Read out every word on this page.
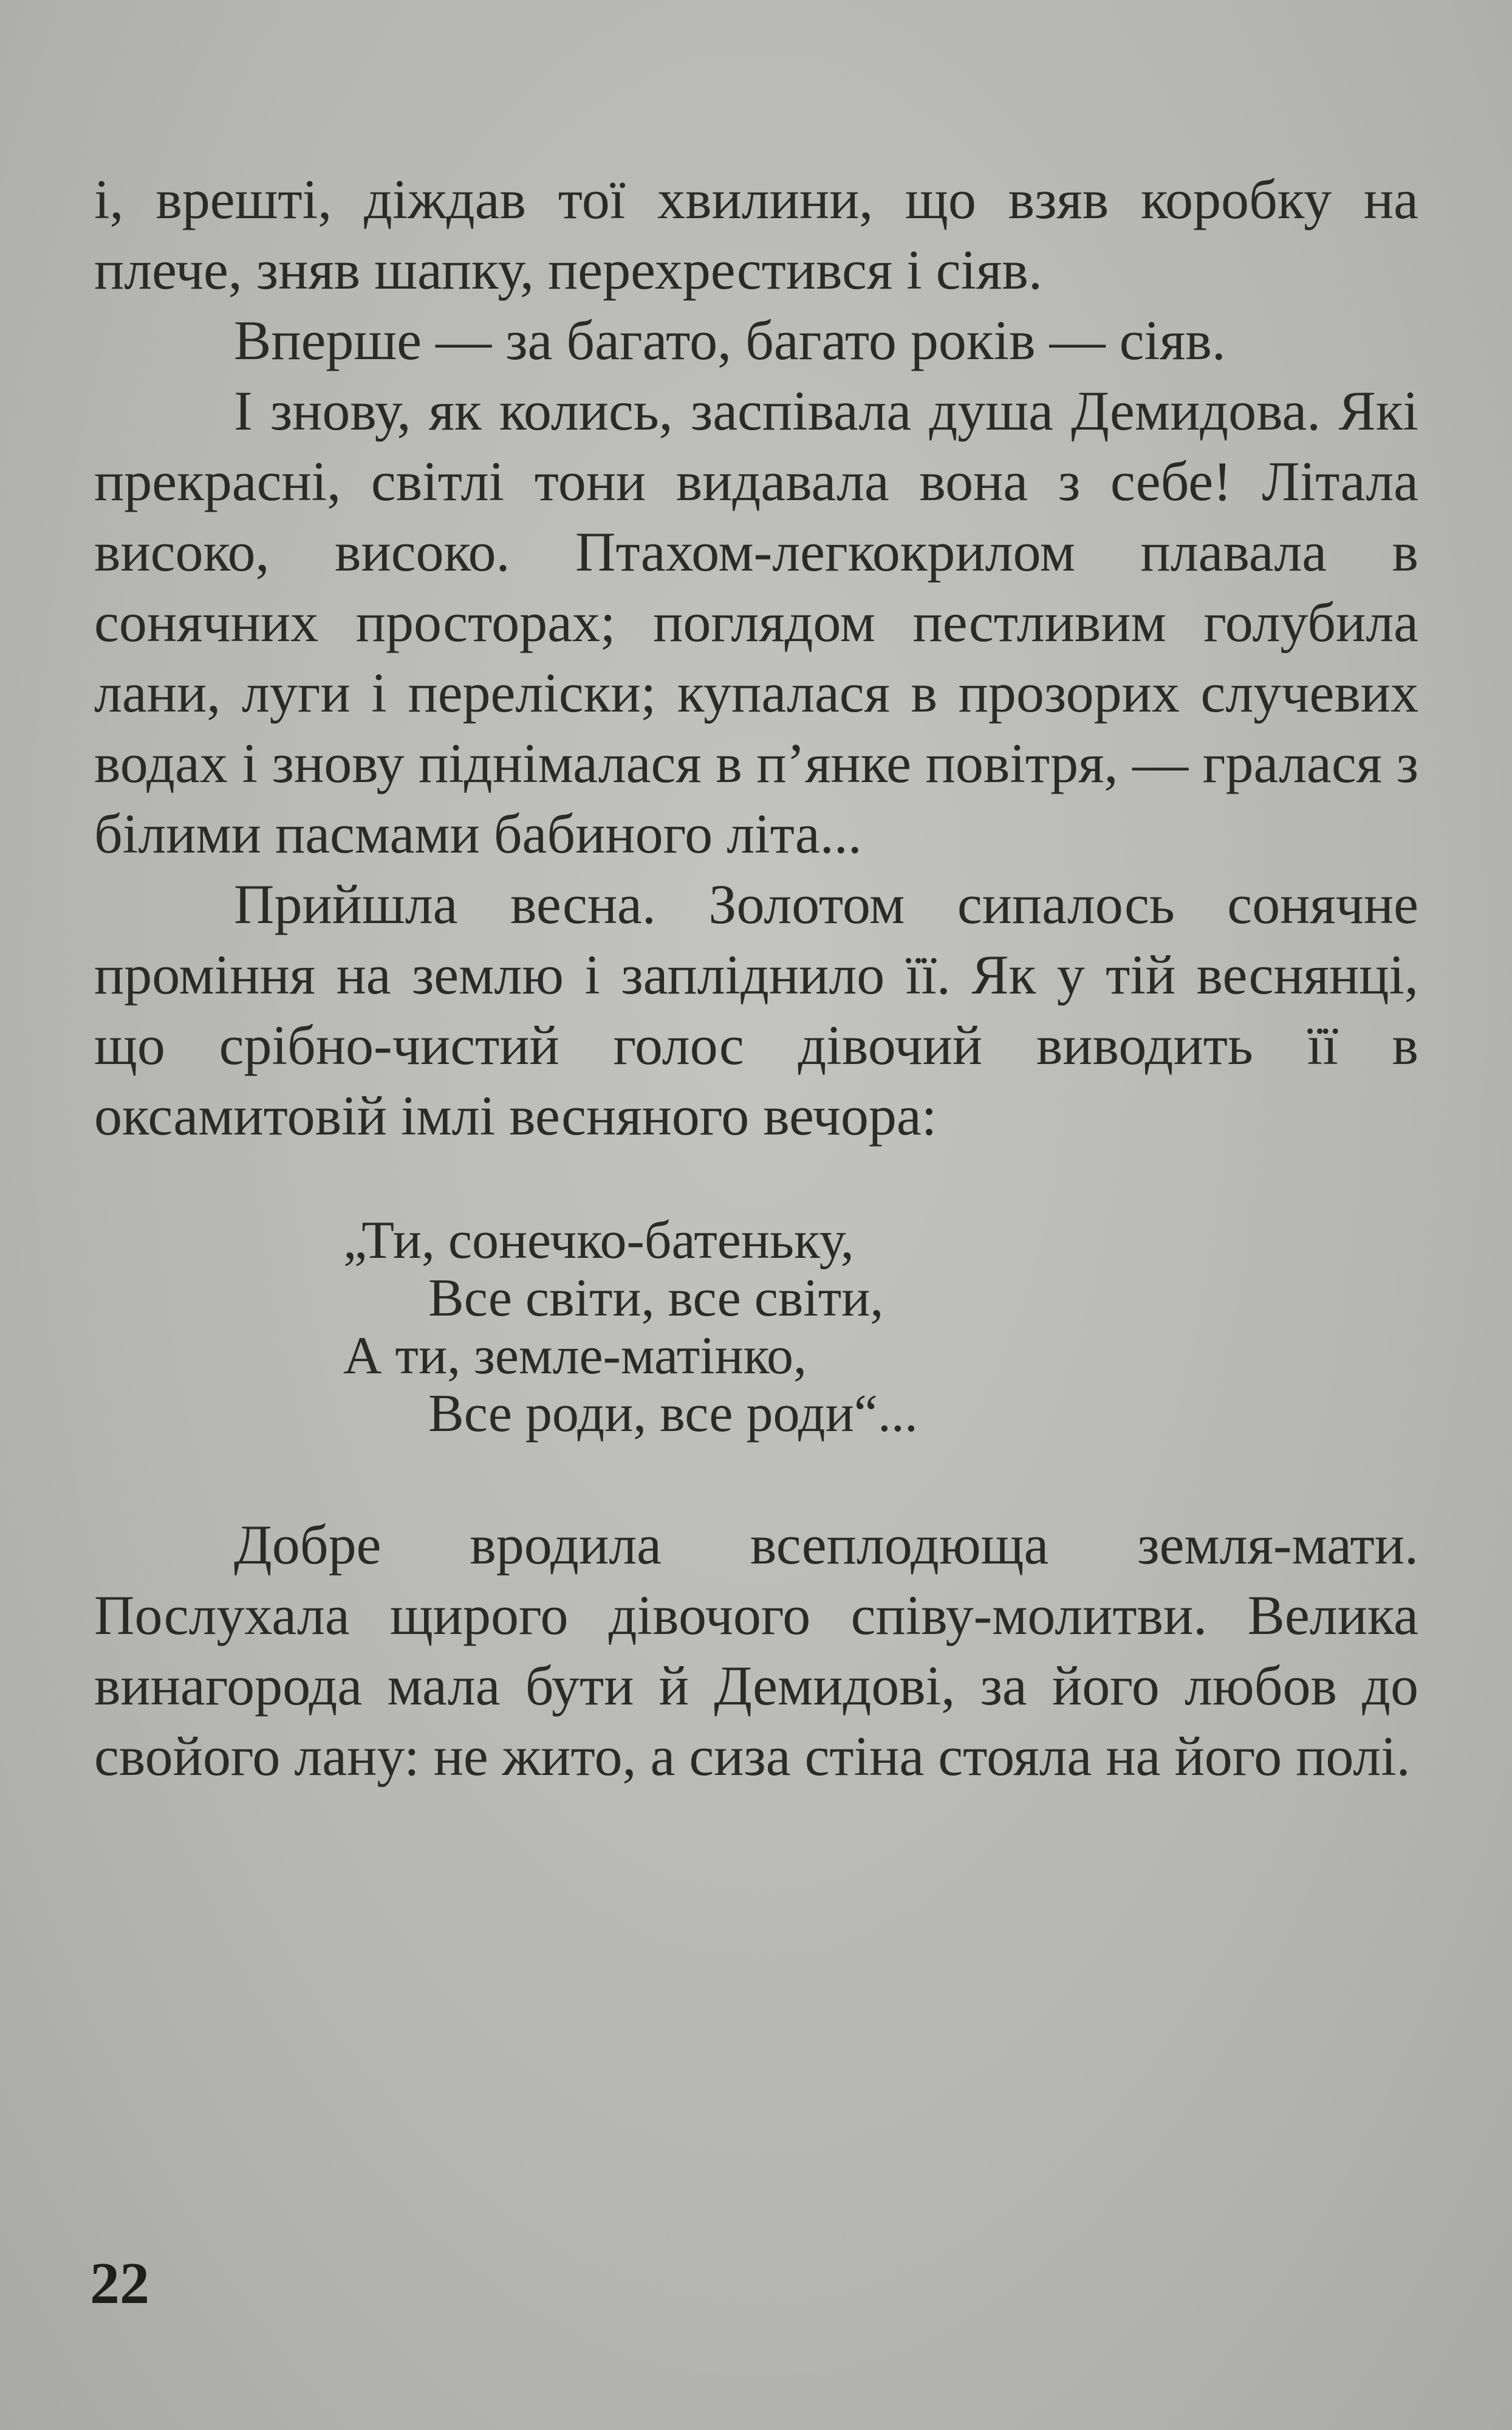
і, врешті, діждав тої хвилини, що взяв коробку на плече, зняв шапку, перехрестився і сіяв.

Вперше — за багато, багато років — сіяв.

І знову, як колись, заспівала душа Демидова. Які прекрасні, світлі тони видавала вона з себе! Літала високо, високо. Птахом-легкокрилом плавала в сонячних просторах; поглядом пестливим голубила лани, луги і переліски; купалася в прозорих случевих водах і знову піднімалася в п’янке повітря, — гралася з білими пасмами бабиного літа...

Прийшла весна. Золотом сипалось сонячне проміння на землю і запліднило її. Як у тій веснянці, що срібно-чистий голос дівочий виводить її в оксамитовій імлі весняного вечора:

„Ти, сонечко-батеньку,
Все світи, все світи,
А ти, земле-матінко,
Все роди, все роди“...

Добре вродила всеплодюща земля-мати. Послухала щирого дівочого співу-молитви. Велика винагорода мала бути й Демидові, за його любов до свойого лану: не жито, а сиза стіна стояла на його полі.

22
